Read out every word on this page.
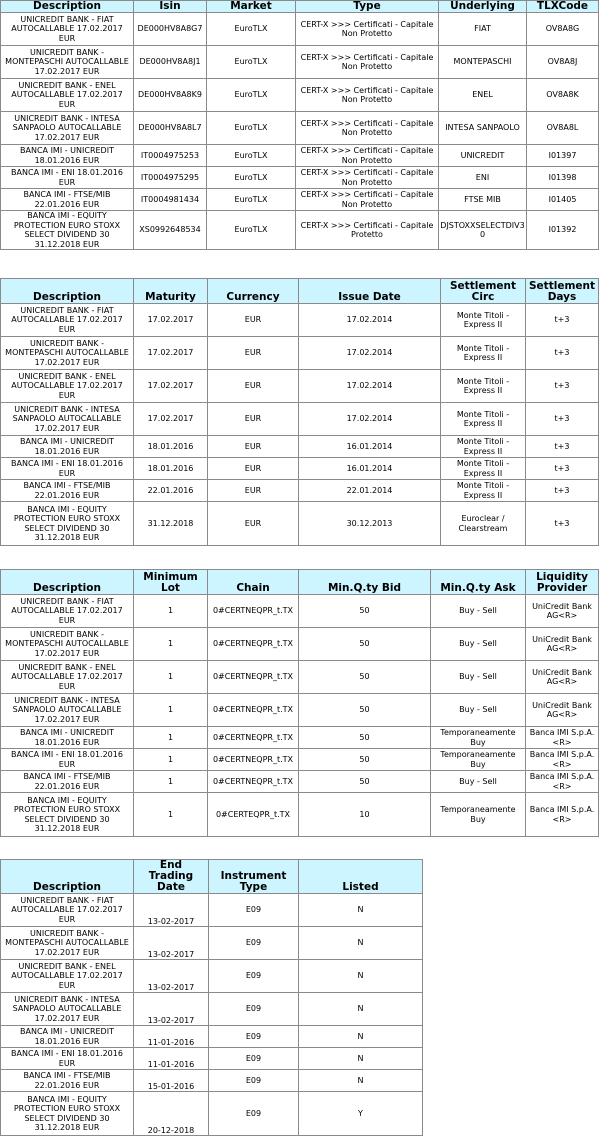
Description	Isin	Market	Type	Underlying	TLXCode
UNICREDIT BANK - FIAT AUTOCALLABLE 17.02.2017 EUR	DE000HV8A8G7	EuroTLX	CERT-X >>> Certificati - Capitale Non Protetto	FIAT	OV8A8G
UNICREDIT BANK - MONTEPASCHI AUTOCALLABLE 17.02.2017 EUR	DE000HV8A8J1	EuroTLX	CERT-X >>> Certificati - Capitale Non Protetto	MONTEPASCHI	OV8A8J
UNICREDIT BANK - ENEL AUTOCALLABLE 17.02.2017 EUR	DE000HV8A8K9	EuroTLX	CERT-X >>> Certificati - Capitale Non Protetto	ENEL	OV8A8K
UNICREDIT BANK - INTESA SANPAOLO AUTOCALLABLE 17.02.2017 EUR	DE000HV8A8L7	EuroTLX	CERT-X >>> Certificati - Capitale Non Protetto	INTESA SANPAOLO	OV8A8L
BANCA IMI - UNICREDIT 18.01.2016 EUR	IT0004975253	EuroTLX	CERT-X >>> Certificati - Capitale Non Protetto	UNICREDIT	I01397
BANCA IMI - ENI 18.01.2016 EUR	IT0004975295	EuroTLX	CERT-X >>> Certificati - Capitale Non Protetto	ENI	I01398
BANCA IMI - FTSE/MIB 22.01.2016 EUR	IT0004981434	EuroTLX	CERT-X >>> Certificati - Capitale Non Protetto	FTSE MIB	I01405
BANCA IMI - EQUITY PROTECTION EURO STOXX SELECT DIVIDEND 30 31.12.2018 EUR	XS0992648534	EuroTLX	CERT-X >>> Certificati - Capitale Protetto	DJSTOXXSELECTDIV30	I01392
Description	Maturity	Currency	Issue Date	Settlement Circ	Settlement Days
UNICREDIT BANK - FIAT AUTOCALLABLE 17.02.2017 EUR	17.02.2017	EUR	17.02.2014	Monte Titoli - Express II	t+3
UNICREDIT BANK - MONTEPASCHI AUTOCALLABLE 17.02.2017 EUR	17.02.2017	EUR	17.02.2014	Monte Titoli - Express II	t+3
UNICREDIT BANK - ENEL AUTOCALLABLE 17.02.2017 EUR	17.02.2017	EUR	17.02.2014	Monte Titoli - Express II	t+3
UNICREDIT BANK - INTESA SANPAOLO AUTOCALLABLE 17.02.2017 EUR	17.02.2017	EUR	17.02.2014	Monte Titoli - Express II	t+3
BANCA IMI - UNICREDIT 18.01.2016 EUR	18.01.2016	EUR	16.01.2014	Monte Titoli - Express II	t+3
BANCA IMI - ENI 18.01.2016 EUR	18.01.2016	EUR	16.01.2014	Monte Titoli - Express II	t+3
BANCA IMI - FTSE/MIB 22.01.2016 EUR	22.01.2016	EUR	22.01.2014	Monte Titoli - Express II	t+3
BANCA IMI - EQUITY PROTECTION EURO STOXX SELECT DIVIDEND 30 31.12.2018 EUR	31.12.2018	EUR	30.12.2013	Euroclear / Clearstream	t+3
Description	Minimum Lot	Chain	Min.Q.ty Bid	Min.Q.ty Ask	Liquidity Provider
UNICREDIT BANK - FIAT AUTOCALLABLE 17.02.2017 EUR	1	0#CERTNEQPR_t.TX	50	Buy - Sell	UniCredit Bank AG<R>
UNICREDIT BANK - MONTEPASCHI AUTOCALLABLE 17.02.2017 EUR	1	0#CERTNEQPR_t.TX	50	Buy - Sell	UniCredit Bank AG<R>
UNICREDIT BANK - ENEL AUTOCALLABLE 17.02.2017 EUR	1	0#CERTNEQPR_t.TX	50	Buy - Sell	UniCredit Bank AG<R>
UNICREDIT BANK - INTESA SANPAOLO AUTOCALLABLE 17.02.2017 EUR	1	0#CERTNEQPR_t.TX	50	Buy - Sell	UniCredit Bank AG<R>
BANCA IMI - UNICREDIT 18.01.2016 EUR	1	0#CERTNEQPR_t.TX	50	Temporaneamente Buy	Banca IMI S.p.A.<R>
BANCA IMI - ENI 18.01.2016 EUR	1	0#CERTNEQPR_t.TX	50	Temporaneamente Buy	Banca IMI S.p.A.<R>
BANCA IMI - FTSE/MIB 22.01.2016 EUR	1	0#CERTNEQPR_t.TX	50	Buy - Sell	Banca IMI S.p.A.<R>
BANCA IMI - EQUITY PROTECTION EURO STOXX SELECT DIVIDEND 30 31.12.2018 EUR	1	0#CERTEQPR_t.TX	10	Temporaneamente Buy	Banca IMI S.p.A.<R>
Description	End Trading Date	Instrument Type	Listed
UNICREDIT BANK - FIAT AUTOCALLABLE 17.02.2017 EUR	13-02-2017	E09	N
UNICREDIT BANK - MONTEPASCHI AUTOCALLABLE 17.02.2017 EUR	13-02-2017	E09	N
UNICREDIT BANK - ENEL AUTOCALLABLE 17.02.2017 EUR	13-02-2017	E09	N
UNICREDIT BANK - INTESA SANPAOLO AUTOCALLABLE 17.02.2017 EUR	13-02-2017	E09	N
BANCA IMI - UNICREDIT 18.01.2016 EUR	11-01-2016	E09	N
BANCA IMI - ENI 18.01.2016 EUR	11-01-2016	E09	N
BANCA IMI - FTSE/MIB 22.01.2016 EUR	15-01-2016	E09	N
BANCA IMI - EQUITY PROTECTION EURO STOXX SELECT DIVIDEND 30 31.12.2018 EUR	20-12-2018	E09	Y
